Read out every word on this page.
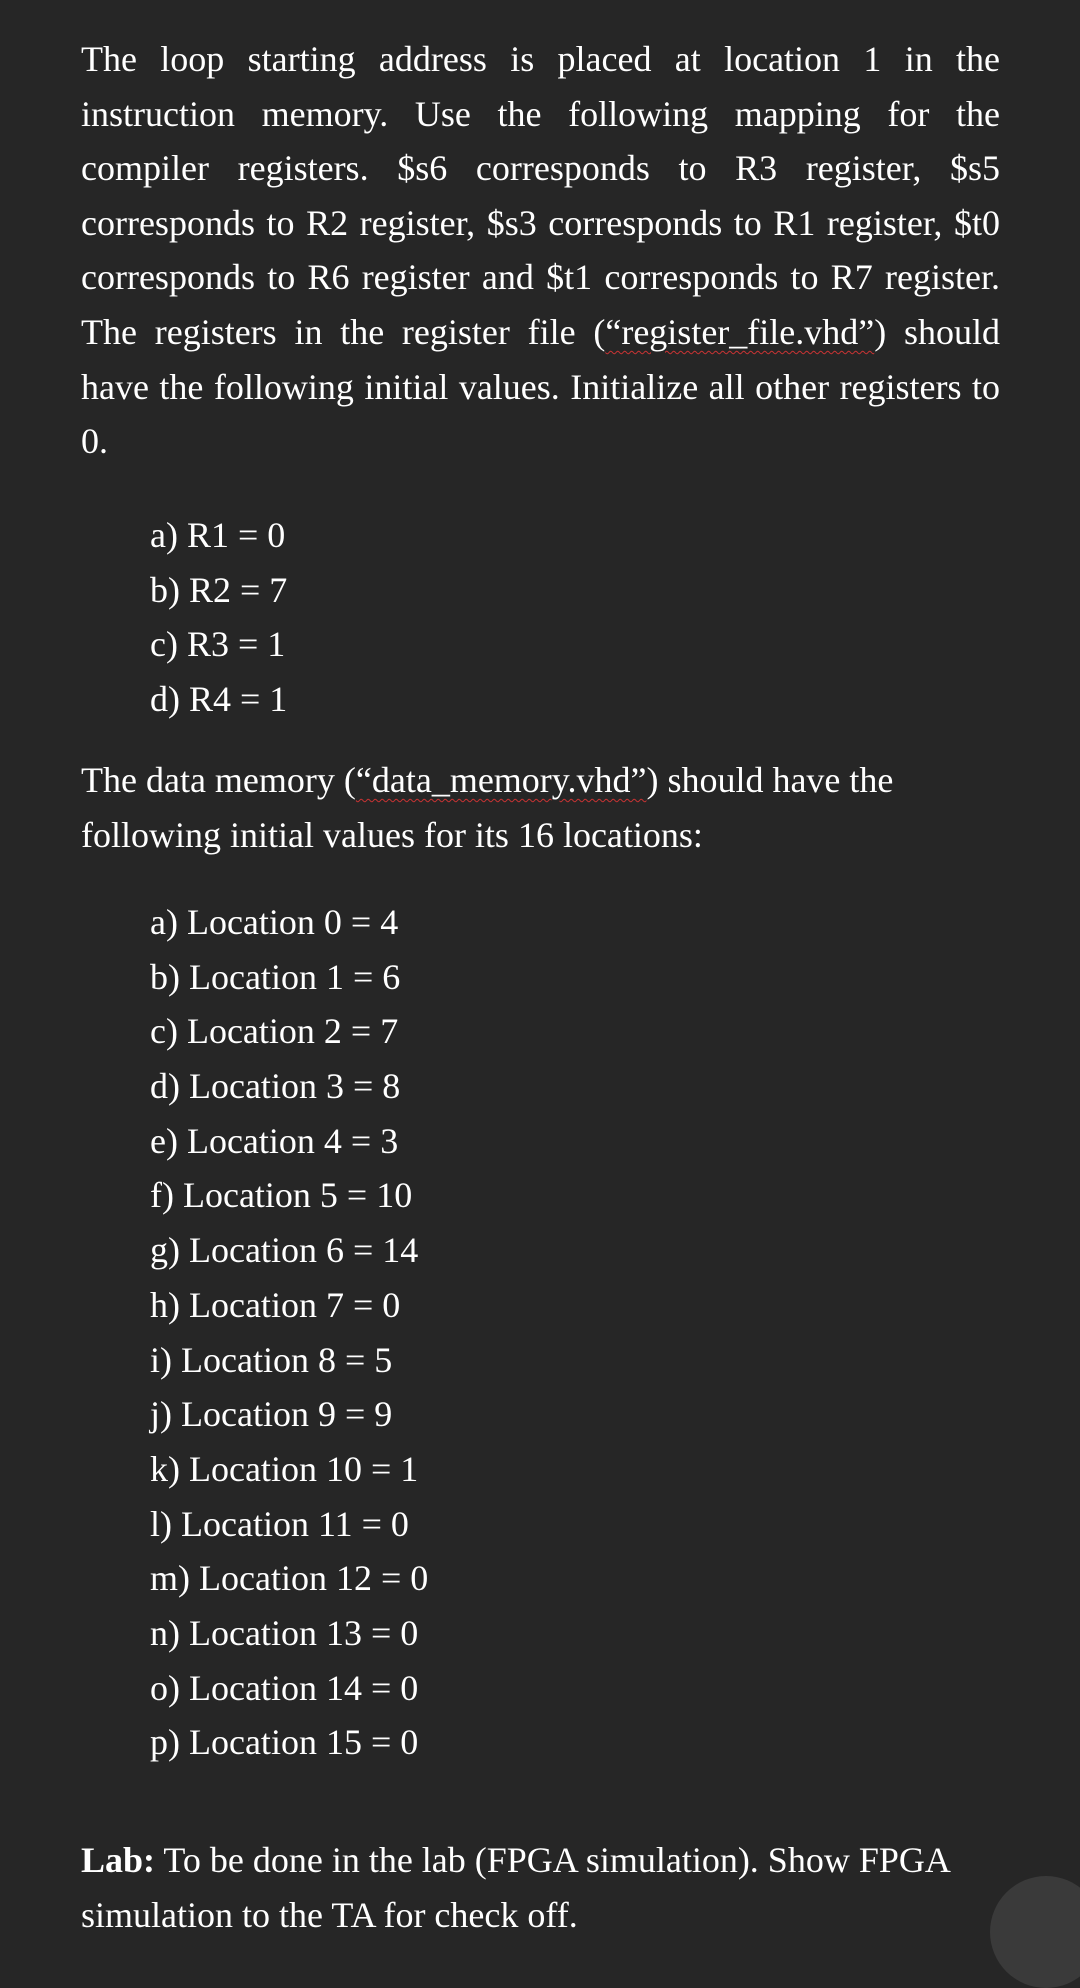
The loop starting address is placed at location 1 in the instruction memory. Use the following mapping for the compiler registers. $s6 corresponds to R3 register, $s5 corresponds to R2 register, $s3 corresponds to R1 register, $t0 corresponds to R6 register and $t1 corresponds to R7 register. The registers in the register file (“register_file.vhd”) should have the following initial values. Initialize all other registers to 0.

a) R1 = 0
b) R2 = 7
c) R3 = 1
d) R4 = 1

The data memory (“data_memory.vhd”) should have the following initial values for its 16 locations:

a) Location 0 = 4
b) Location 1 = 6
c) Location 2 = 7
d) Location 3 = 8
e) Location 4 = 3
f) Location 5 = 10
g) Location 6 = 14
h) Location 7 = 0
i) Location 8 = 5
j) Location 9 = 9
k) Location 10 = 1
l) Location 11 = 0
m) Location 12 = 0
n) Location 13 = 0
o) Location 14 = 0
p) Location 15 = 0

Lab: To be done in the lab (FPGA simulation). Show FPGA simulation to the TA for check off.
